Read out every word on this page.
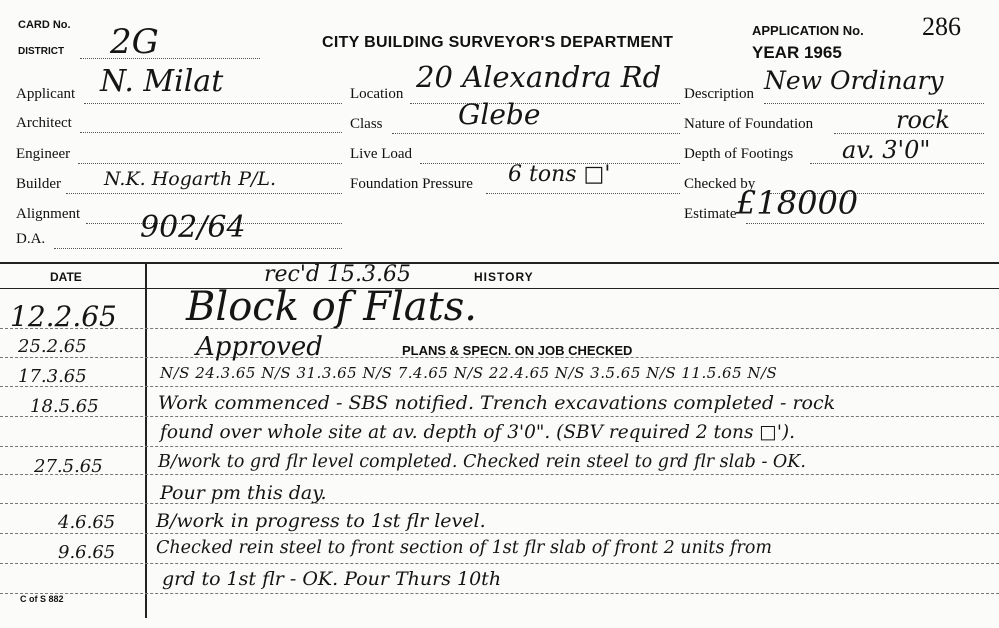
CARD No.
DISTRICT 2G	CITY BUILDING SURVEYOR'S DEPARTMENT
APPLICATION No. 286
YEAR 1965
Applicant N. Milat
Architect
Engineer
Builder N.K. Hogarth P/L.
Alignment
D.A.	902/64
Location 20 Alexandra Rd
Class	Glebe
Live Load
Foundation Pressure 6 tons □'
Description New Ordinary
Nature of Foundation	rock
Depth of Footings av. 3'0"
Checked by
Estimate £18000
DATE	HISTORY
rec'd 15.3.65
12.2.65 Block of Flats.
25.2.65	Approved	PLANS & SPECN. ON JOB CHECKED
17.3.65	N/S 24.3.65 N/S 31.3.65 N/S 7.4.65 N/S 22.4.65 N/S 3.5.65 N/S 11.5.65 N/S
18.5.65	Work commenced - SBS notified. Trench excavations completed - rock
found over whole site at av. depth of 3'0". (SBV required 2 tons □').
27.5.65	B/work to grd flr level completed. Checked rein steel to grd flr slab - OK.
Pour pm this day.
4.6.65 B/work in progress to 1st flr level.
9.6.65 Checked rein steel to front section of 1st flr slab of front 2 units from
grd to 1st flr - OK. Pour Thurs 10th
C of S 882
